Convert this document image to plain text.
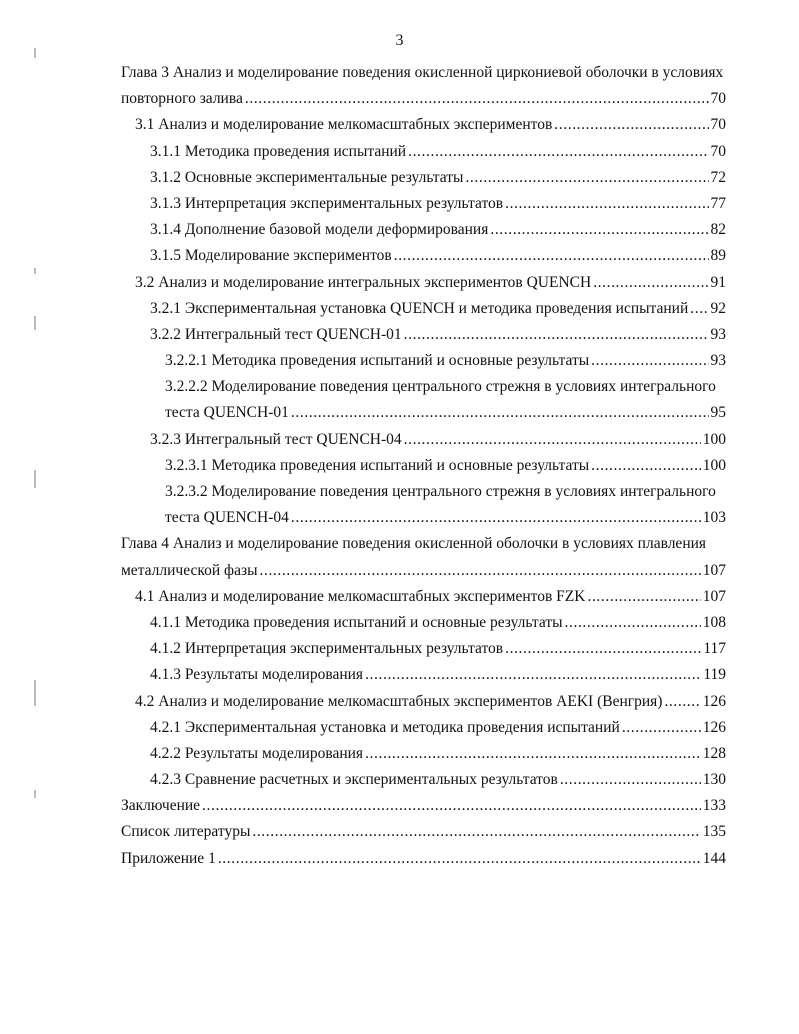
3
Глава 3 Анализ и моделирование поведения окисленной циркониевой оболочки в условиях
повторного залива .....	70
3.1 Анализ и моделирование мелкомасштабных экспериментов .....	70
3.1.1 Методика проведения испытаний .....	70
3.1.2 Основные экспериментальные результаты .....	72
3.1.3 Интерпретация экспериментальных результатов .....	77
3.1.4 Дополнение базовой модели деформирования .....	82
3.1.5 Моделирование экспериментов .....	89
3.2 Анализ и моделирование интегральных экспериментов QUENCH .....	91
3.2.1 Экспериментальная установка QUENCH и методика проведения испытаний ..... 92
3.2.2 Интегральный тест QUENCH-01 .....	93
3.2.2.1 Методика проведения испытаний и основные результаты .....	93
3.2.2.2 Моделирование поведения центрального стрежня в условиях интегрального
теста QUENCH-01 .....	95
3.2.3 Интегральный тест QUENCH-04 .....	100
3.2.3.1 Методика проведения испытаний и основные результаты .....	100
3.2.3.2 Моделирование поведения центрального стрежня в условиях интегрального
теста QUENCH-04 .....	103
Глава 4 Анализ и моделирование поведения окисленной оболочки в условиях плавления
металлической фазы .....	107
4.1 Анализ и моделирование мелкомасштабных экспериментов FZK .....	107
4.1.1 Методика проведения испытаний и основные результаты .....	108
4.1.2 Интерпретация экспериментальных результатов .....	117
4.1.3 Результаты моделирования .....	119
4.2 Анализ и моделирование мелкомасштабных экспериментов AEKI (Венгрия) .....	126
4.2.1 Экспериментальная установка и методика проведения испытаний .....	126
4.2.2 Результаты моделирования .....	128
4.2.3 Сравнение расчетных и экспериментальных результатов .....	130
Заключение .....	133
Список литературы .....	135
Приложение 1 .....	144
